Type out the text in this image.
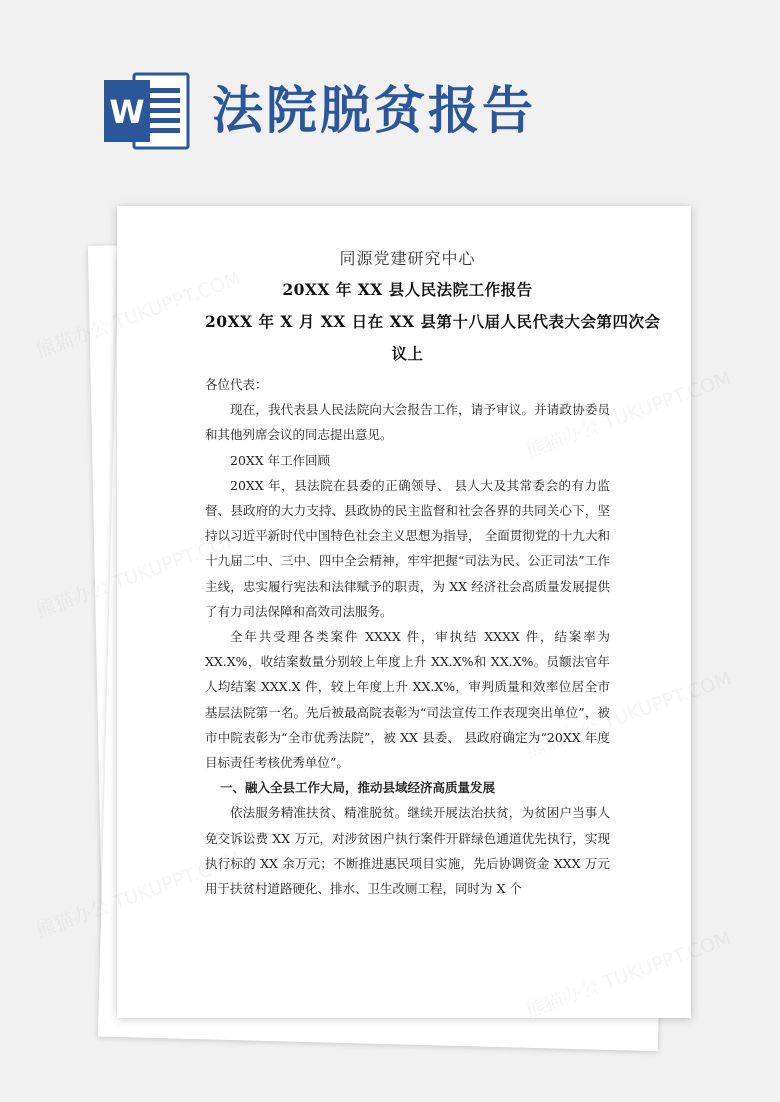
W 法院脱贫报告
同源党建研究中心
20XX 年 XX 县人民法院工作报告
20XX 年 X 月 XX 日在 XX 县第十八届人民代表大会第四次会
议上

各位代表：

现在，我代表县人民法院向大会报告工作，请予审议。并请政协委员和其他列席会议的同志提出意见。

20XX 年工作回顾

20XX 年，县法院在县委的正确领导、 县人大及其常委会的有力监督、县政府的大力支持、县政协的民主监督和社会各界的共同关心下，坚持以习近平新时代中国特色社会主义思想为指导， 全面贯彻党的十九大和十九届二中、三中、四中全会精神，牢牢把握“司法为民、公正司法”工作主线，忠实履行宪法和法律赋予的职责，为 XX 经济社会高质量发展提供了有力司法保障和高效司法服务。

全年共受理各类案件 XXXX 件，审执结 XXXX 件，结案率为 XX.X%，收结案数量分别较上年度上升 XX.X%和 XX.X%。员额法官年人均结案 XXX.X 件，较上年度上升 XX.X%，审判质量和效率位居全市基层法院第一名。先后被最高院表彰为“司法宣传工作表现突出单位”，被市中院表彰为“全市优秀法院”，被 XX 县委、 县政府确定为“20XX 年度目标责任考核优秀单位”。

一、融入全县工作大局，推动县域经济高质量发展

依法服务精准扶贫、精准脱贫。继续开展法治扶贫，为贫困户当事人免交诉讼费 XX 万元，对涉贫困户执行案件开辟绿色通道优先执行，实现执行标的 XX 余万元；不断推进惠民项目实施，先后协调资金 XXX 万元用于扶贫村道路硬化、排水、卫生改厕工程，同时为 X 个

熊猫办公
熊猫办公
熊猫办公
